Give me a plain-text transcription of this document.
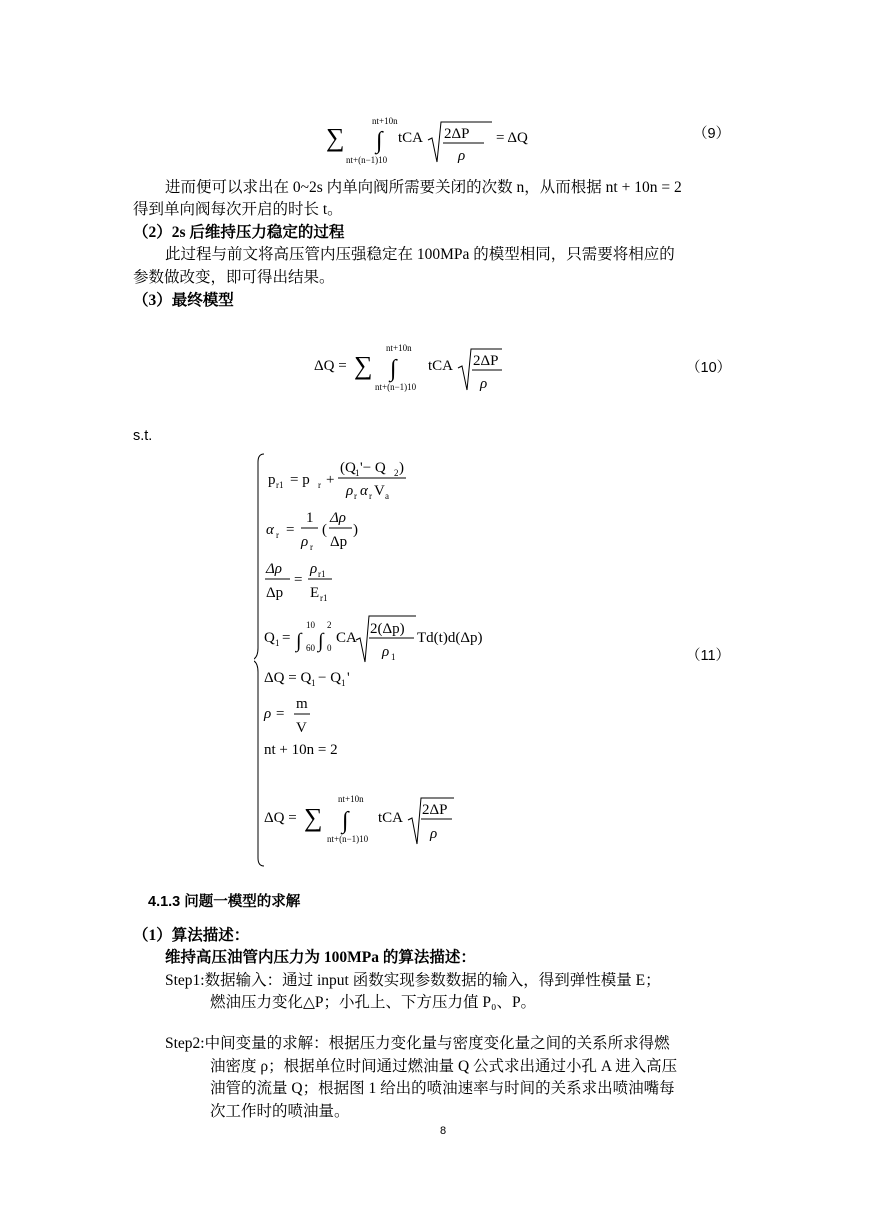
∑
nt+10n
∫
nt+(n−1)10
tCA 2ΔP
ρ
= ΔQ	（9）
进而便可以求出在 0~2s 内单向阀所需要关闭的次数 n，从而根据 nt + 10n = 2
得到单向阀每次开启的时长 t。
（2）2s 后维持压力稳定的过程
此过程与前文将高压管内压强稳定在 100MPa 的模型相同，只需要将相应的
参数做改变，即可得出结果。
（3）最终模型
ΔQ = ∑
nt+10n
∫
nt+(n−1)10
tCA 2ΔP
ρ
（10）
s.t.
p r1 = p r +
(Q 1 '− Q 2 )
ρ r α r V a
α r =
1
ρ r
(
Δρ
Δp
)
Δρ
Δp
=
ρ r1
E r1
Q 1 = ∫
10
60 ∫
2
0
CA
2(Δp)
ρ 1
Td(t)d(Δp)
ΔQ = Q 1 − Q 1 '
ρ =
m
V
nt + 10n = 2
ΔQ = ∑
nt+10n
∫
nt+(n−1)10
tCA 2ΔP
ρ
（11）
4.1.3 问题一模型的求解
（1）算法描述：
维持高压油管内压力为 100MPa 的算法描述：
Step1:数据输入：通过 input 函数实现参数数据的输入，得到弹性模量 E；
燃油压力变化△P；小孔上、下方压力值 P₀、P。
Step2:中间变量的求解：根据压力变化量与密度变化量之间的关系所求得燃
油密度 ρ；根据单位时间通过燃油量 Q 公式求出通过小孔 A 进入高压
油管的流量 Q；根据图 1 给出的喷油速率与时间的关系求出喷油嘴每
次工作时的喷油量。
8
